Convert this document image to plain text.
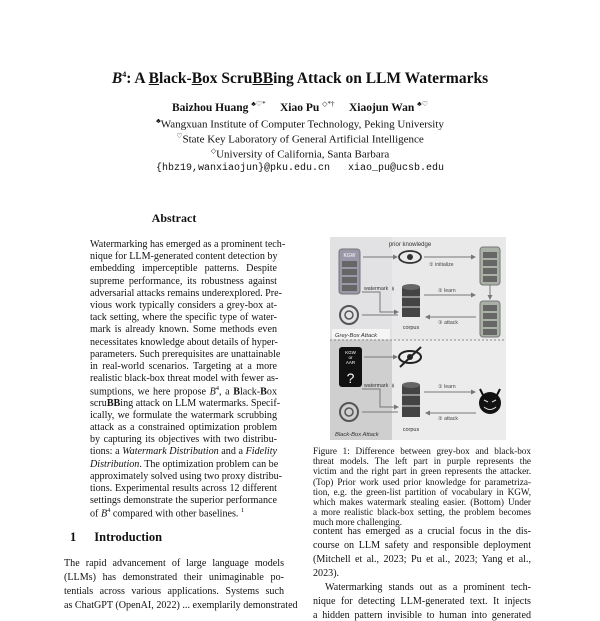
$B^4$: A Black-Box ScruBBing Attack on LLM Watermarks
Baizhou Huang ♣♡* Xiao Pu ◇*† Xiaojun Wan ♣♡
♣Wangxuan Institute of Computer Technology, Peking University
♡State Key Laboratory of General Artificial Intelligence
◇University of California, Santa Barbara
{hbz19,wanxiaojun}@pku.edu.cn xiao_pu@ucsb.edu
Abstract
Watermarking has emerged as a prominent tech-
nique for LLM-generated content detection by
embedding imperceptible patterns. Despite
supreme performance, its robustness against
adversarial attacks remains underexplored. Pre-
vious work typically considers a grey-box at-
tack setting, where the specific type of water-
mark is already known. Some methods even
necessitates knowledge about details of hyper-
parameters. Such prerequisites are unattainable
in real-world scenarios. Targeting at a more
realistic black-box threat model with fewer as-
sumptions, we here propose $B^4$, a Black-Box
scruBBing attack on LLM watermarks. Specif-
ically, we formulate the watermark scrubbing
attack as a constrained optimization problem
by capturing its objectives with two distribu-
tions: a Watermark Distribution and a Fidelity
Distribution. The optimization problem can be
approximately solved using two proxy distribu-
tions. Experimental results across 12 different
settings demonstrate the superior performance
of $B^4$ compared with other baselines. $^1$
1 Introduction
The rapid advancement of large language models
(LLMs) has demonstrated their unimaginable po-
tentials across various applications. Systems such
as ChatGPT (OpenAI, 2022) ... exemplarily demonstrated
prior knowledge
KGW
① initialize
watermark
corpus
② learn
③ attack
Grey-Box Attack
KGW
or
AAR
? watermark
corpus
① learn
② attack
Black-Box Attack
Figure 1: Difference between grey-box and black-box
threat models. The left part in purple represents the
victim and the right part in green represents the attacker.
(Top) Prior work used prior knowledge for parametriza-
tion, e.g. the green-list partition of vocabulary in KGW,
which makes watermark stealing easier. (Bottom) Under
a more realistic black-box setting, the problem becomes
much more challenging.
content has emerged as a crucial focus in the dis-
course on LLM safety and responsible deployment
(Mitchell et al., 2023; Pu et al., 2023; Yang et al.,
2023).
Watermarking stands out as a prominent tech-
nique for detecting LLM-generated text. It injects
a hidden pattern invisible to human into generated
